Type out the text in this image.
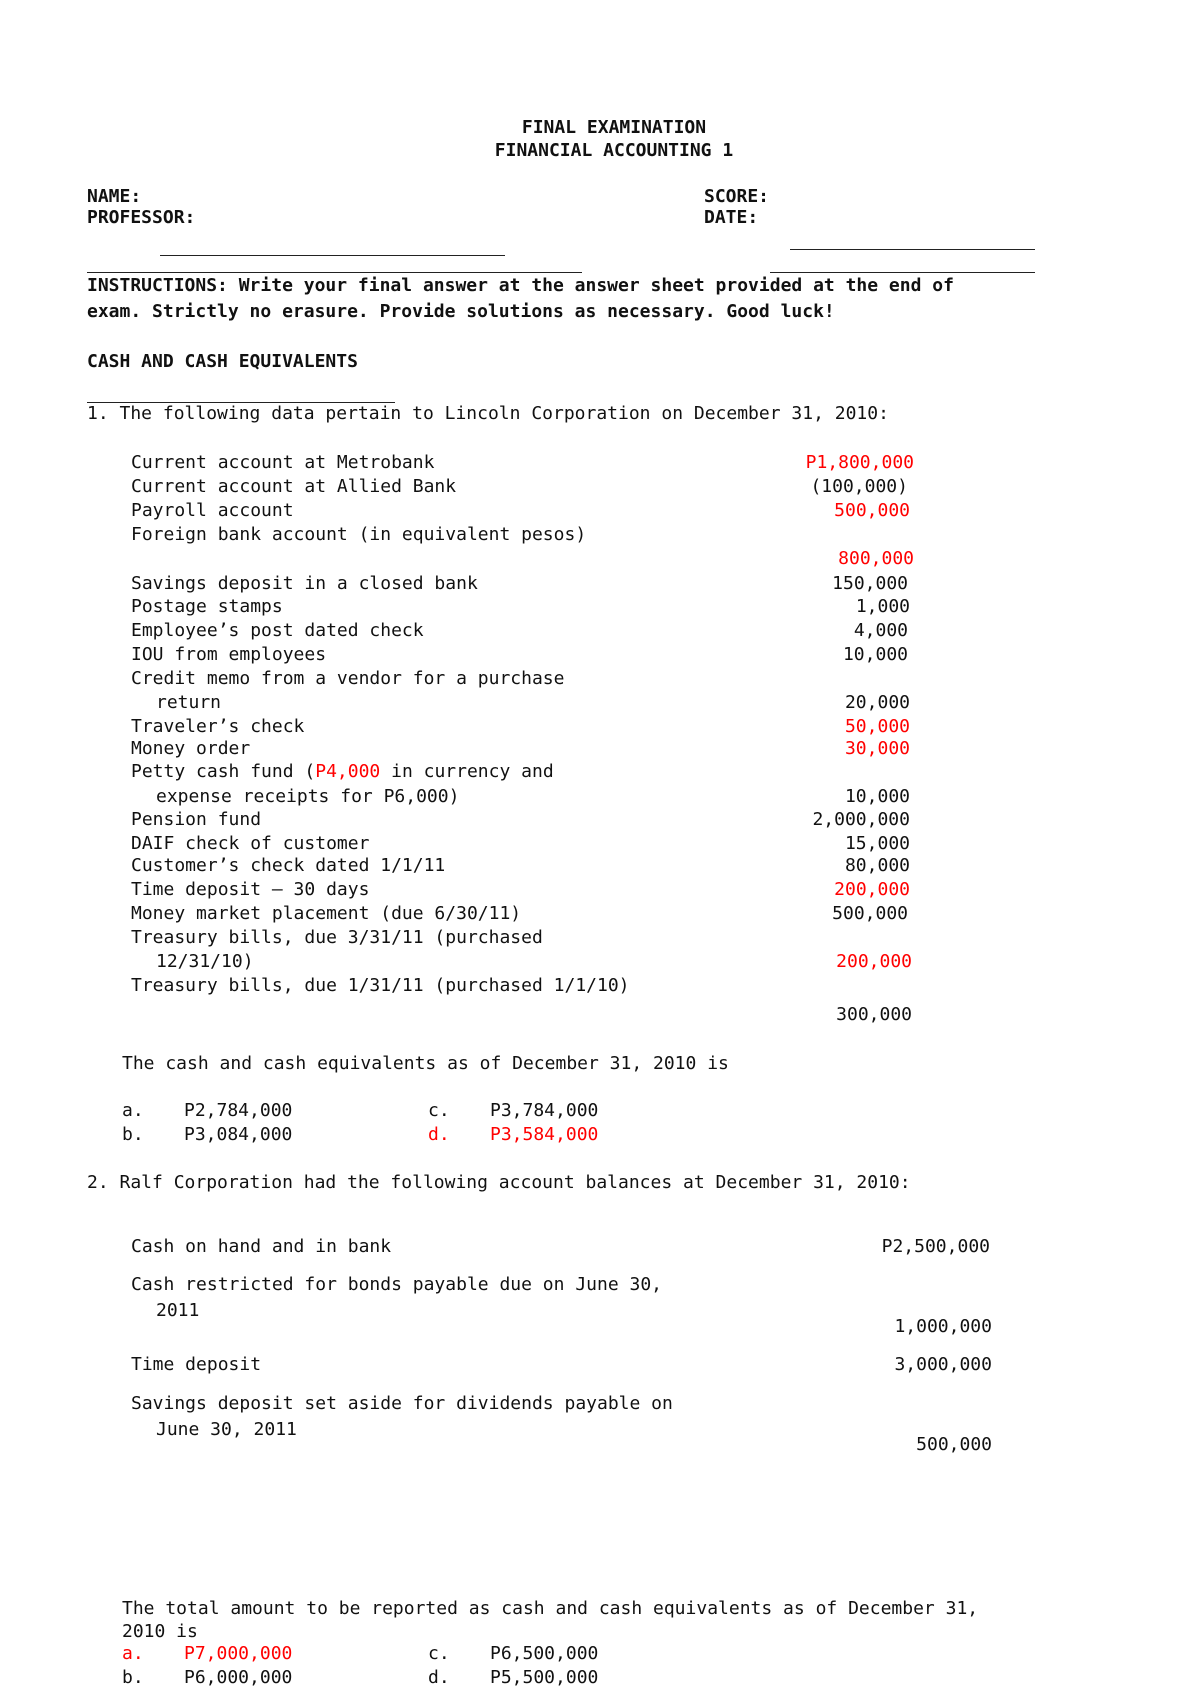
FINAL EXAMINATION
FINANCIAL ACCOUNTING 1
NAME:
PROFESSOR:
SCORE:
DATE:
INSTRUCTIONS: Write your final answer at the answer sheet provided at the end of
exam. Strictly no erasure. Provide solutions as necessary. Good luck!
CASH AND CASH EQUIVALENTS
1. The following data pertain to Lincoln Corporation on December 31, 2010:
Current account at Metrobank	P1,800,000
Current account at Allied Bank	(100,000)
Payroll account	500,000
Foreign bank account (in equivalent pesos)
800,000
Savings deposit in a closed bank	150,000
Postage stamps	1,000
Employee’s post dated check	4,000
IOU from employees	10,000
Credit memo from a vendor for a purchase
return	20,000
Traveler’s check	50,000
Money order	30,000
Petty cash fund (P4,000 in currency and
expense receipts for P6,000)	10,000
Pension fund	2,000,000
DAIF check of customer	15,000
Customer’s check dated 1/1/11	80,000
Time deposit – 30 days	200,000
Money market placement (due 6/30/11)	500,000
Treasury bills, due 3/31/11 (purchased
12/31/10)	200,000
Treasury bills, due 1/31/11 (purchased 1/1/10)
300,000
The cash and cash equivalents as of December 31, 2010 is
a. P2,784,000
b. P3,084,000
c. P3,784,000
d. P3,584,000
2. Ralf Corporation had the following account balances at December 31, 2010:
Cash on hand and in bank	P2,500,000
Cash restricted for bonds payable due on June 30,
2011
1,000,000
Time deposit	3,000,000
Savings deposit set aside for dividends payable on
June 30, 2011
500,000
The total amount to be reported as cash and cash equivalents as of December 31,
2010 is
a. P7,000,000
b. P6,000,000
c. P6,500,000
d. P5,500,000
